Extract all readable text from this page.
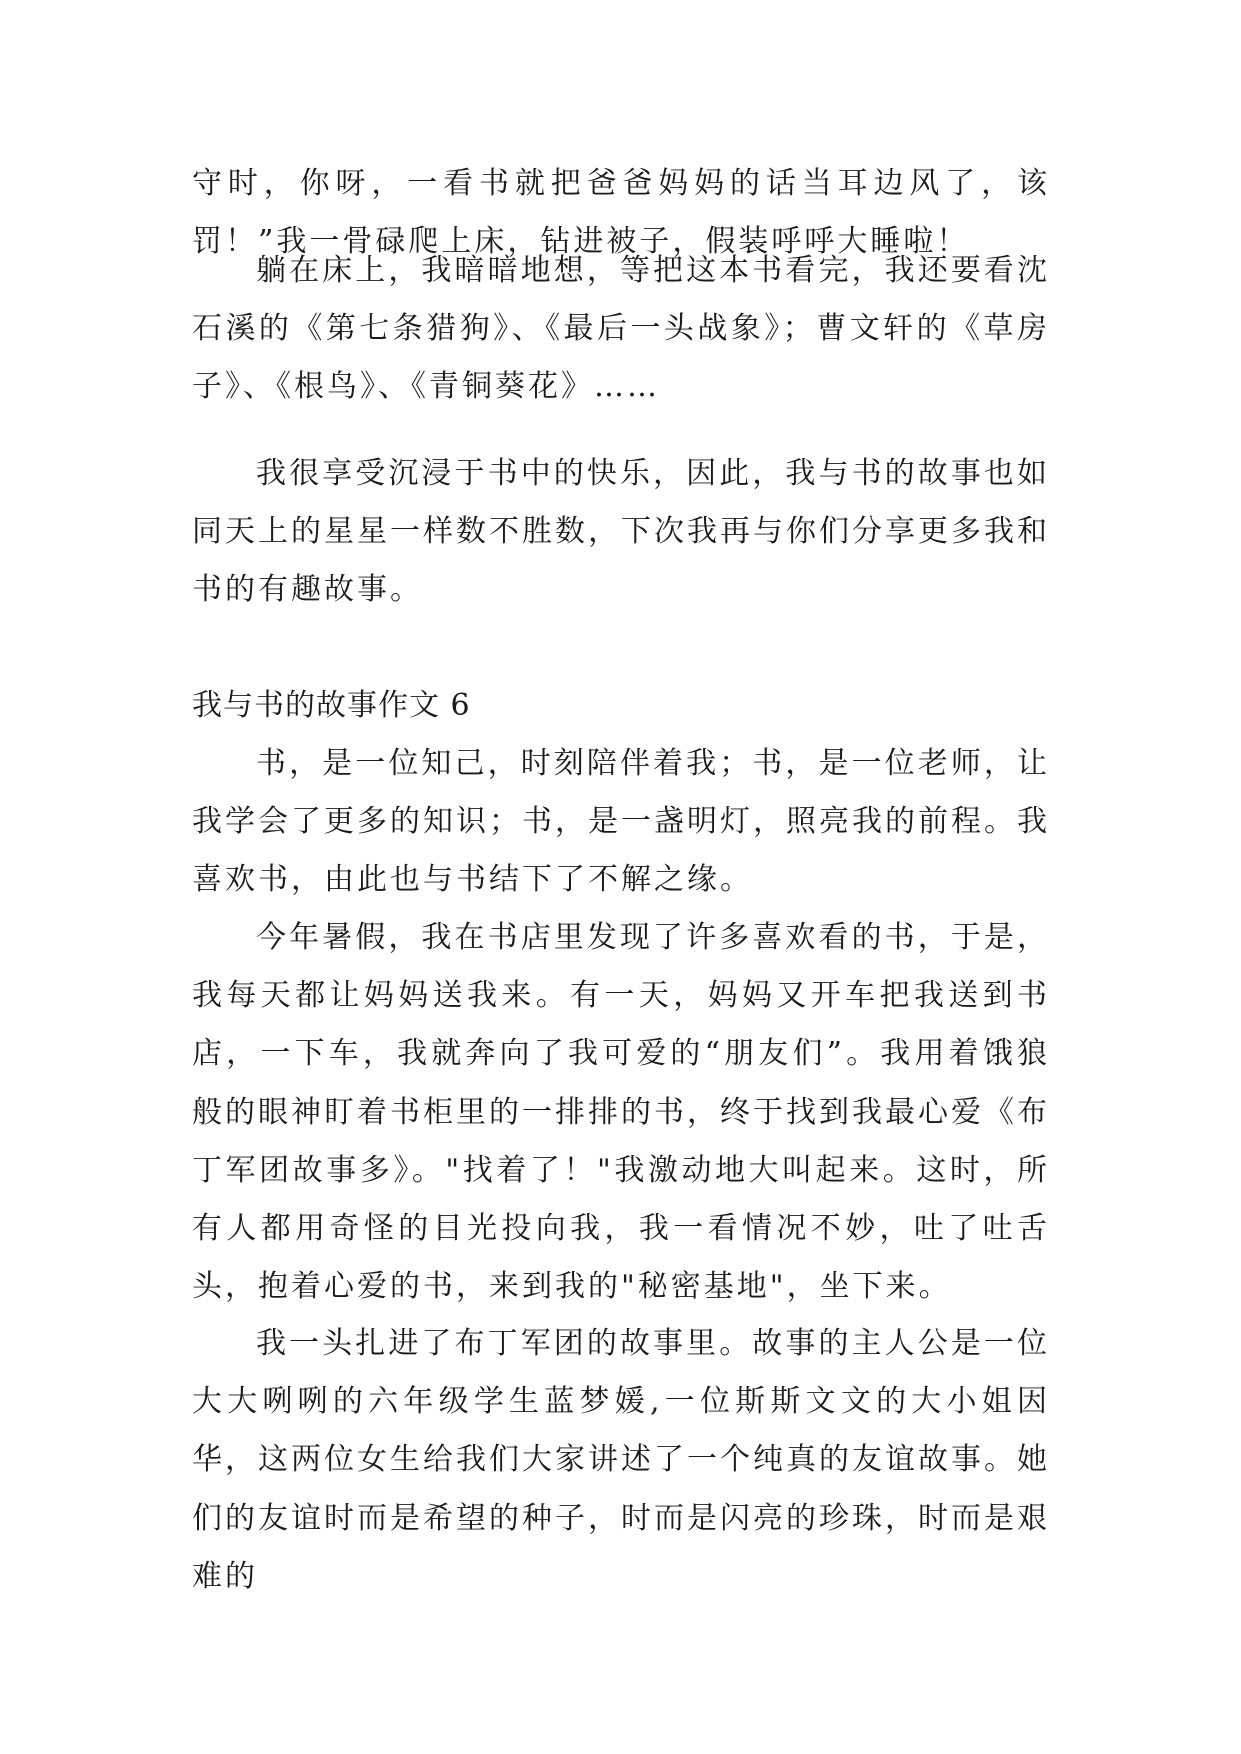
守时，你呀，一看书就把爸爸妈妈的话当耳边风了，该罚！”我一骨碌爬上床，钻进被子，假装呼呼大睡啦！

躺在床上，我暗暗地想，等把这本书看完，我还要看沈石溪的《第七条猎狗》、《最后一头战象》；曹文轩的《草房子》、《根鸟》、《青铜葵花》……

我很享受沉浸于书中的快乐，因此，我与书的故事也如同天上的星星一样数不胜数，下次我再与你们分享更多我和书的有趣故事。

我与书的故事作文 6

书，是一位知己，时刻陪伴着我；书，是一位老师，让我学会了更多的知识；书，是一盏明灯，照亮我的前程。我喜欢书，由此也与书结下了不解之缘。

今年暑假，我在书店里发现了许多喜欢看的书，于是，我每天都让妈妈送我来。有一天，妈妈又开车把我送到书店，一下车，我就奔向了我可爱的“朋友们”。我用着饿狼般的眼神盯着书柜里的一排排的书，终于找到我最心爱《布丁军团故事多》。"找着了！"我激动地大叫起来。这时，所有人都用奇怪的目光投向我，我一看情况不妙，吐了吐舌头，抱着心爱的书，来到我的"秘密基地"，坐下来。

我一头扎进了布丁军团的故事里。故事的主人公是一位大大咧咧的六年级学生蓝梦媛,一位斯斯文文的大小姐因华，这两位女生给我们大家讲述了一个纯真的友谊故事。她们的友谊时而是希望的种子，时而是闪亮的珍珠，时而是艰难的
